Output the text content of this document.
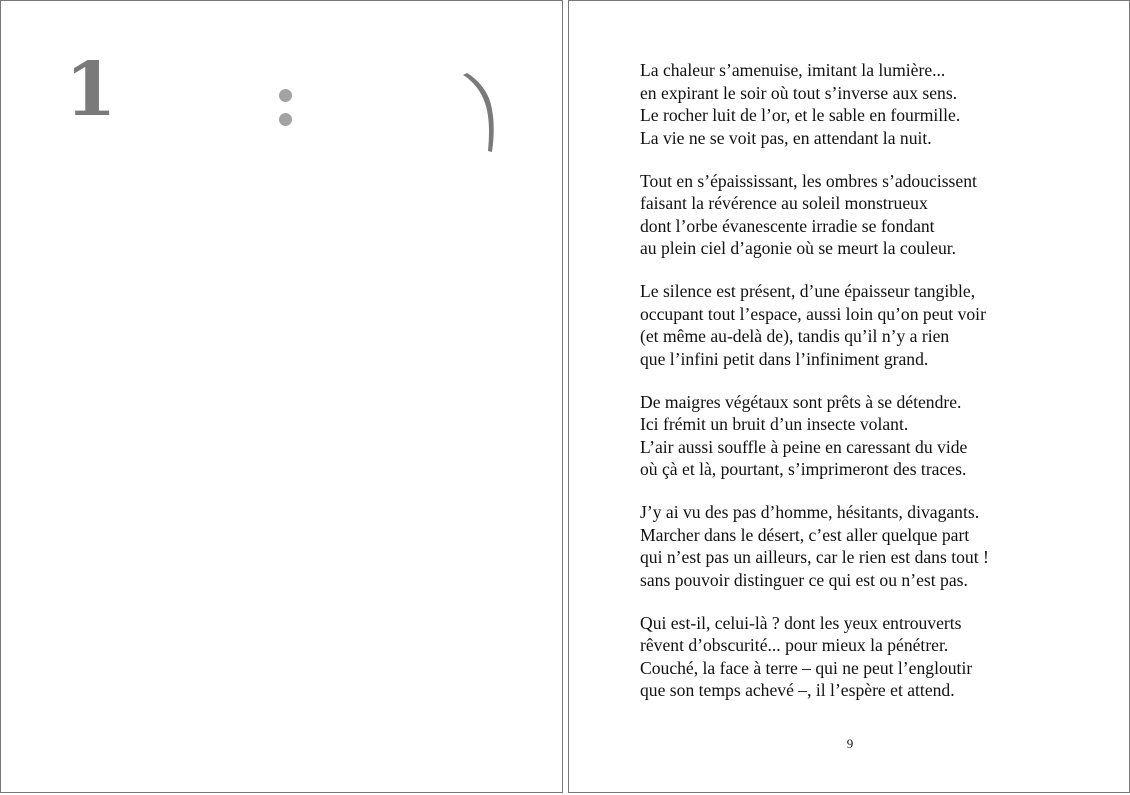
1	La chaleur s’amenuise, imitant la lumière...
en expirant le soir où tout s’inverse aux sens.
Le rocher luit de l’or, et le sable en fourmille.
La vie ne se voit pas, en attendant la nuit.
Tout en s’épaississant, les ombres s’adoucissent
faisant la révérence au soleil monstrueux
dont l’orbe évanescente irradie se fondant
au plein ciel d’agonie où se meurt la couleur.
Le silence est présent, d’une épaisseur tangible,
occupant tout l’espace, aussi loin qu’on peut voir
(et même au-delà de), tandis qu’il n’y a rien
que l’infini petit dans l’infiniment grand.
De maigres végétaux sont prêts à se détendre.
Ici frémit un bruit d’un insecte volant.
L’air aussi souffle à peine en caressant du vide
où çà et là, pourtant, s’imprimeront des traces.
J’y ai vu des pas d’homme, hésitants, divagants.
Marcher dans le désert, c’est aller quelque part
qui n’est pas un ailleurs, car le rien est dans tout !
sans pouvoir distinguer ce qui est ou n’est pas.
Qui est-il, celui-là ? dont les yeux entrouverts
rêvent d’obscurité... pour mieux la pénétrer.
Couché, la face à terre – qui ne peut l’engloutir
que son temps achevé –, il l’espère et attend.
9
